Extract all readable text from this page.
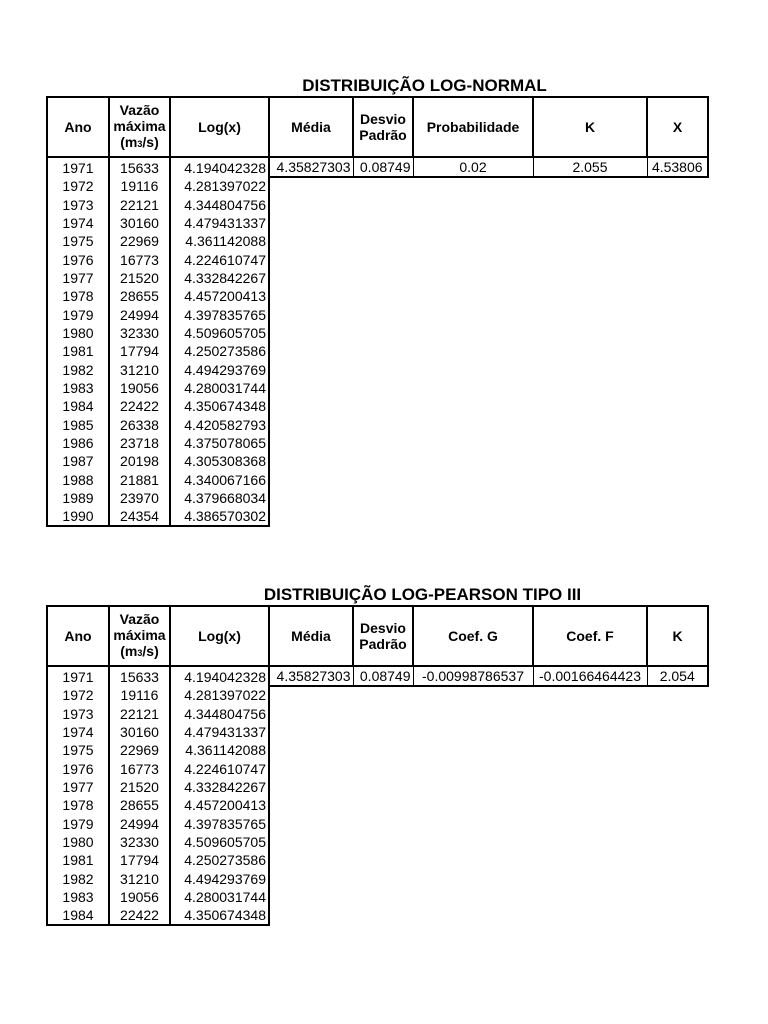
DISTRIBUIÇÃO LOG-NORMAL
Ano	Vazão
máxima
(m3/s)	Log(x)	Média	Desvio
Padrão	Probabilidade	K	X
1971	15633	4.194042328	4.35827303	0.08749	0.02	2.055	4.53806
1972	19116	4.281397022					
1973	22121	4.344804756					
1974	30160	4.479431337					
1975	22969	4.361142088					
1976	16773	4.224610747					
1977	21520	4.332842267					
1978	28655	4.457200413					
1979	24994	4.397835765					
1980	32330	4.509605705					
1981	17794	4.250273586					
1982	31210	4.494293769					
1983	19056	4.280031744					
1984	22422	4.350674348					
1985	26338	4.420582793					
1986	23718	4.375078065					
1987	20198	4.305308368					
1988	21881	4.340067166					
1989	23970	4.379668034					
1990	24354	4.386570302					
DISTRIBUIÇÃO LOG-PEARSON TIPO III
Ano	Vazão
máxima
(m3/s)	Log(x)	Média	Desvio
Padrão	Coef. G	Coef. F	K
1971	15633	4.194042328	4.35827303	0.08749	-0.00998786537	-0.00166464423	2.054
1972	19116	4.281397022					
1973	22121	4.344804756					
1974	30160	4.479431337					
1975	22969	4.361142088					
1976	16773	4.224610747					
1977	21520	4.332842267					
1978	28655	4.457200413					
1979	24994	4.397835765					
1980	32330	4.509605705					
1981	17794	4.250273586					
1982	31210	4.494293769					
1983	19056	4.280031744					
1984	22422	4.350674348					
